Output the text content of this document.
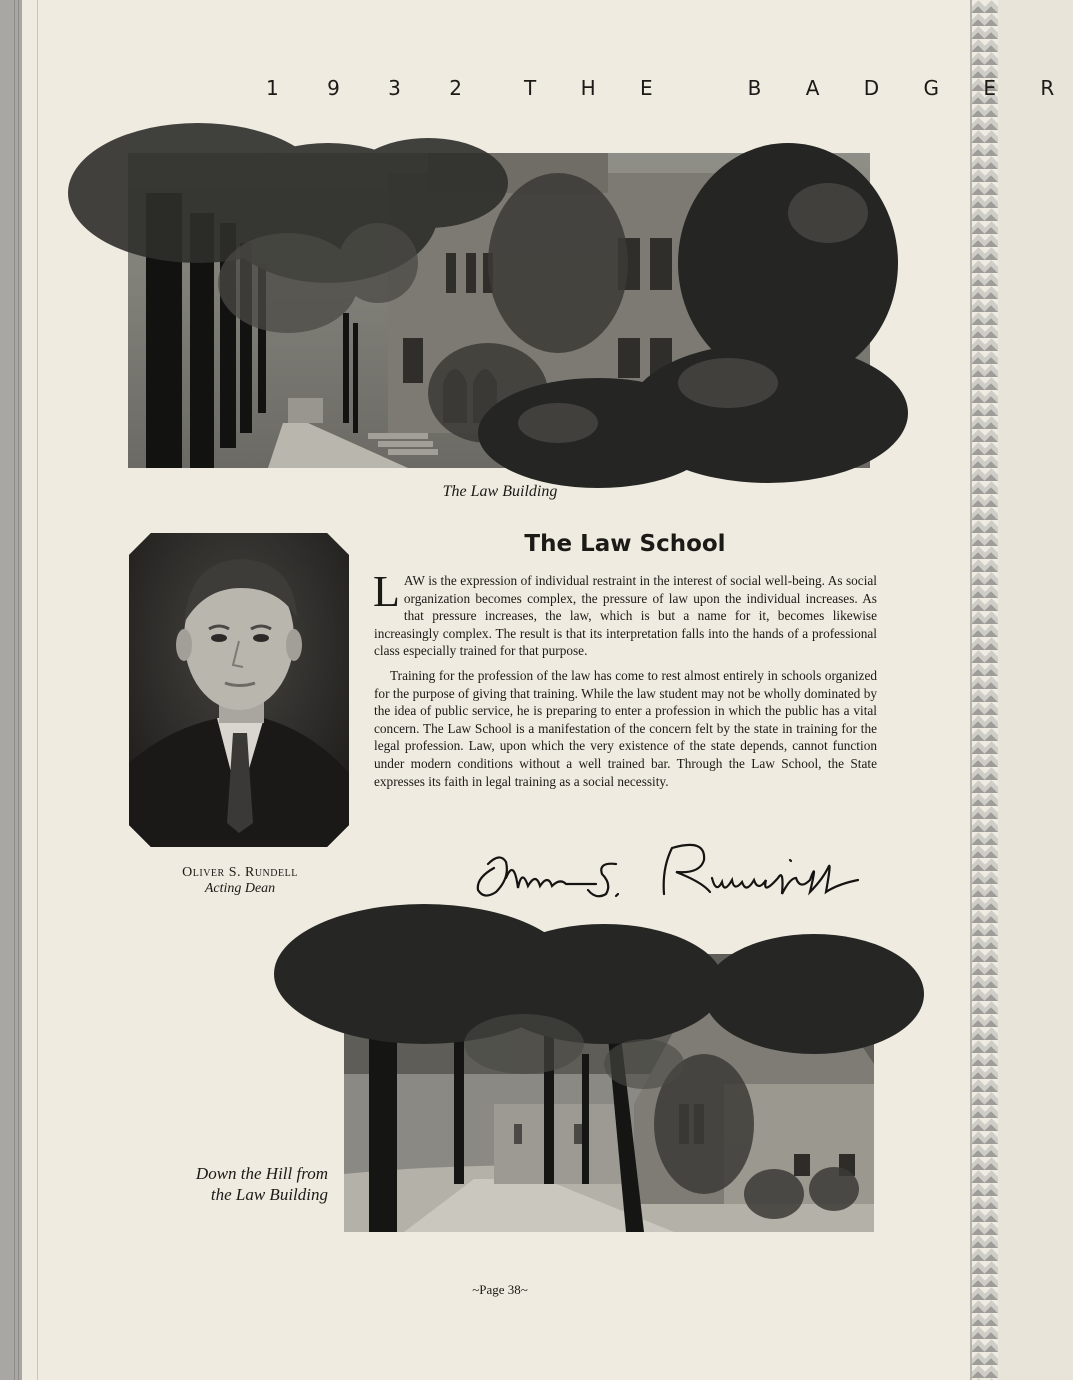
1 9 3 2 T H E   B A D G E R
The Law Building
Oliver S. Rundell
Acting Dean
The Law School

LAW is the expression of individual restraint in the interest of social well-being. As social organization becomes complex, the pressure of law upon the individual increases. As that pressure increases, the law, which is but a name for it, becomes likewise increasingly complex. The result is that its interpretation falls into the hands of a professional class especially trained for that purpose.

Training for the profession of the law has come to rest almost entirely in schools organized for the purpose of giving that training. While the law student may not be wholly dominated by the idea of public service, he is preparing to enter a profession in which the public has a vital concern. The Law School is a manifestation of the concern felt by the state in training for the legal profession. Law, upon which the very existence of the state depends, cannot function under modern conditions without a well trained bar. Through the Law School, the State expresses its faith in legal training as a social necessity.

Down the Hill from
the Law Building
~Page 38~
